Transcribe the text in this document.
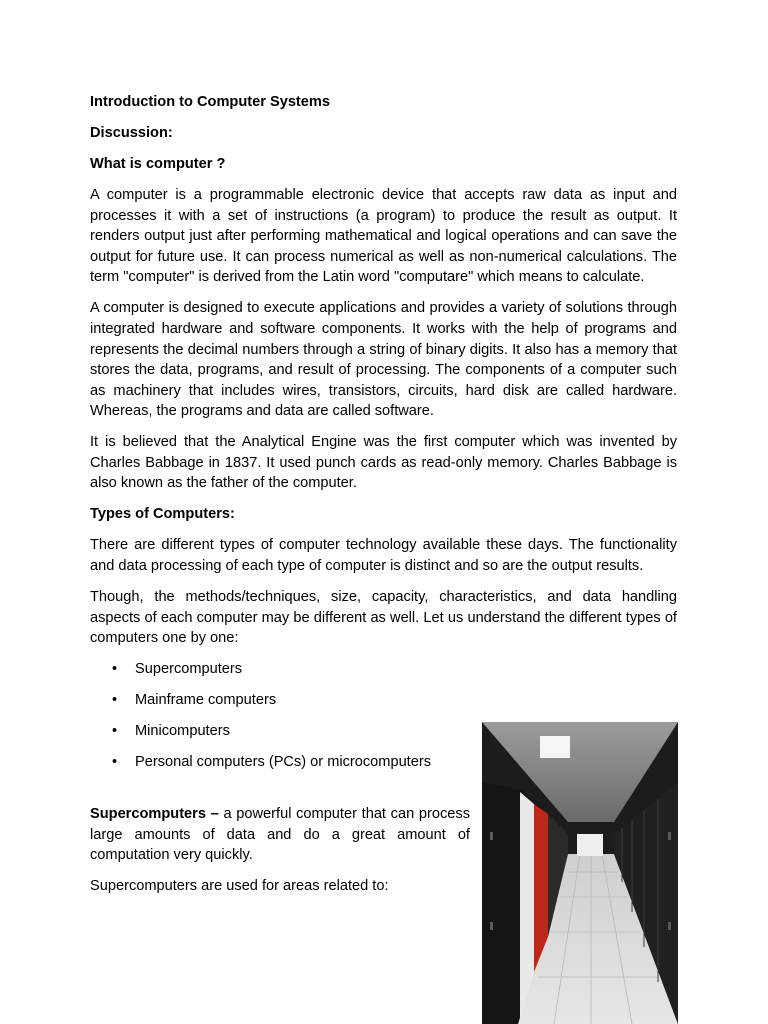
Introduction to Computer Systems
Discussion:
What is computer ?

A computer is a programmable electronic device that accepts raw data as input and processes it with a set of instructions (a program) to produce the result as output. It renders output just after performing mathematical and logical operations and can save the output for future use. It can process numerical as well as non-numerical calculations. The term "computer" is derived from the Latin word "computare" which means to calculate.

A computer is designed to execute applications and provides a variety of solutions through integrated hardware and software components. It works with the help of programs and represents the decimal numbers through a string of binary digits. It also has a memory that stores the data, programs, and result of processing. The components of a computer such as machinery that includes wires, transistors, circuits, hard disk are called hardware. Whereas, the programs and data are called software.

It is believed that the Analytical Engine was the first computer which was invented by Charles Babbage in 1837. It used punch cards as read-only memory. Charles Babbage is also known as the father of the computer.

Types of Computers:

There are different types of computer technology available these days. The functionality and data processing of each type of computer is distinct and so are the output results.

Though, the methods/techniques, size, capacity, characteristics, and data handling aspects of each computer may be different as well. Let us understand the different types of computers one by one:

• Supercomputers
• Mainframe computers
• Minicomputers
• Personal computers (PCs) or microcomputers

Supercomputers – a powerful computer that can process large amounts of data and do a great amount of computation very quickly.

Supercomputers are used for areas related to:
